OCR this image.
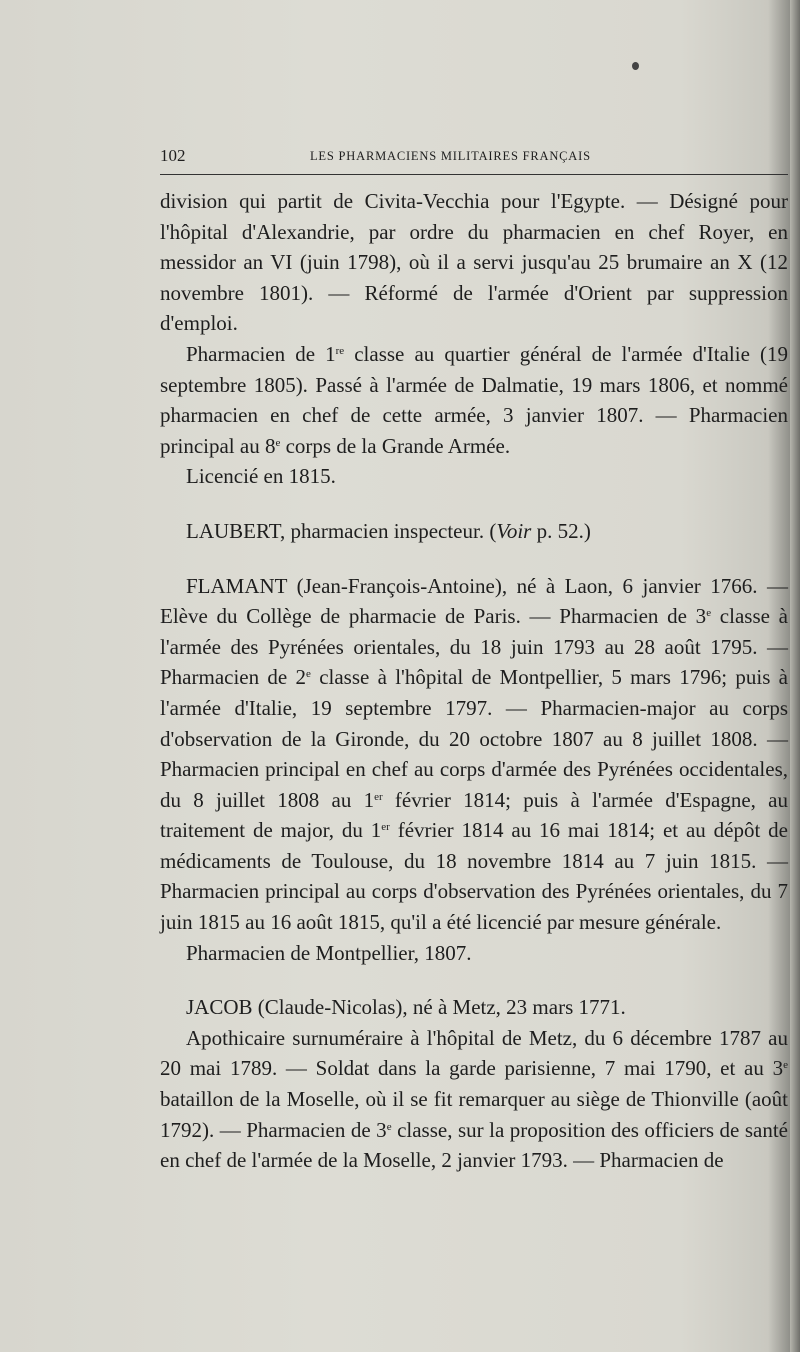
102	LES PHARMACIENS MILITAIRES FRANÇAIS

division qui partit de Civita-Vecchia pour l'Egypte. — Désigné pour l'hôpital d'Alexandrie, par ordre du pharmacien en chef Royer, en messidor an VI (juin 1798), où il a servi jusqu'au 25 brumaire an X (12 novembre 1801). — Réformé de l'armée d'Orient par suppression d'emploi.

Pharmacien de 1re classe au quartier général de l'armée d'Italie (19 septembre 1805). Passé à l'armée de Dalmatie, 19 mars 1806, et nommé pharmacien en chef de cette armée, 3 janvier 1807. — Pharmacien principal au 8e corps de la Grande Armée.

Licencié en 1815.

LAUBERT, pharmacien inspecteur. (Voir p. 52.)

FLAMANT (Jean-François-Antoine), né à Laon, 6 janvier 1766. — Elève du Collège de pharmacie de Paris. — Pharmacien de 3e classe à l'armée des Pyrénées orientales, du 18 juin 1793 au 28 août 1795. — Pharmacien de 2e classe à l'hôpital de Montpellier, 5 mars 1796; puis à l'armée d'Italie, 19 septembre 1797. — Pharmacien-major au corps d'observation de la Gironde, du 20 octobre 1807 au 8 juillet 1808. — Pharmacien principal en chef au corps d'armée des Pyrénées occidentales, du 8 juillet 1808 au 1er février 1814; puis à l'armée d'Espagne, au traitement de major, du 1er février 1814 au 16 mai 1814; et au dépôt de médicaments de Toulouse, du 18 novembre 1814 au 7 juin 1815. — Pharmacien principal au corps d'observation des Pyrénées orientales, du 7 juin 1815 au 16 août 1815, qu'il a été licencié par mesure générale.

Pharmacien de Montpellier, 1807.

JACOB (Claude-Nicolas), né à Metz, 23 mars 1771.

Apothicaire surnuméraire à l'hôpital de Metz, du 6 décembre 1787 au 20 mai 1789. — Soldat dans la garde parisienne, 7 mai 1790, et au 3e bataillon de la Moselle, où il se fit remarquer au siège de Thionville (août 1792). — Pharmacien de 3e classe, sur la proposition des officiers de santé en chef de l'armée de la Moselle, 2 janvier 1793. — Pharmacien de
